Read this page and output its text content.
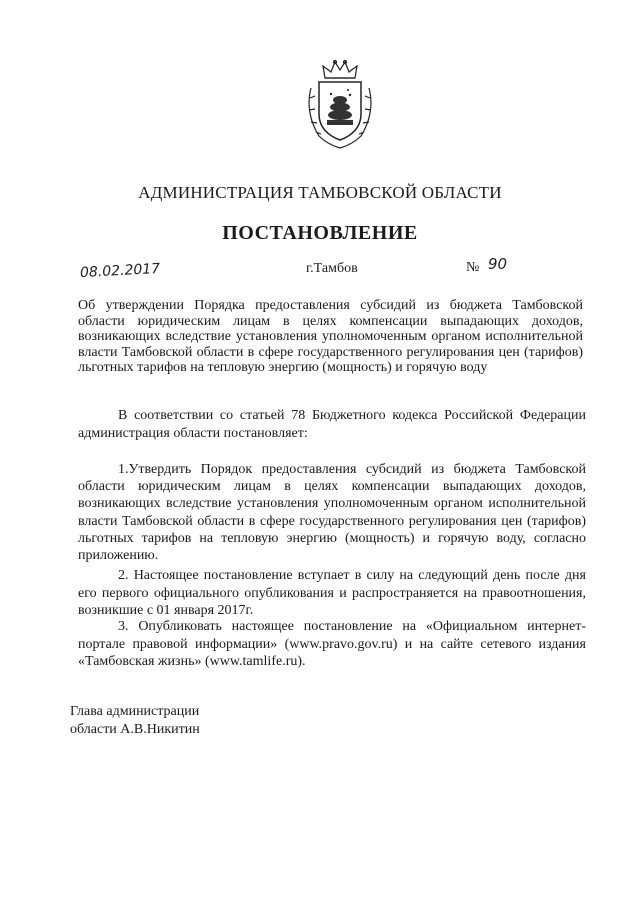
АДМИНИСТРАЦИЯ ТАМБОВСКОЙ ОБЛАСТИ
ПОСТАНОВЛЕНИЕ
08.02.2017	г.Тамбов	№ 90
Об утверждении Порядка предоставления субсидий из бюджета Тамбовской области юридическим лицам в целях компенсации выпадающих доходов, возникающих вследствие установления уполномоченным органом исполнительной власти Тамбовской области в сфере государственного регулирования цен (тарифов) льготных тарифов на тепловую энергию (мощность) и горячую воду
В соответствии со статьей 78 Бюджетного кодекса Российской Федерации администрация области постановляет:
1.Утвердить Порядок предоставления субсидий из бюджета Тамбовской области юридическим лицам в целях компенсации выпадающих доходов, возникающих вследствие установления уполномоченным органом исполнительной власти Тамбовской области в сфере государственного регулирования цен (тарифов) льготных тарифов на тепловую энергию (мощность) и горячую воду, согласно приложению.
2. Настоящее постановление вступает в силу на следующий день после дня его первого официального опубликования и распространяется на правоотношения, возникшие с 01 января 2017г.
3. Опубликовать настоящее постановление на «Официальном интернет-портале правовой информации» (www.pravo.gov.ru) и на сайте сетевого издания «Тамбовская жизнь» (www.tamlife.ru).
Глава администрации
области А.В.Никитин
